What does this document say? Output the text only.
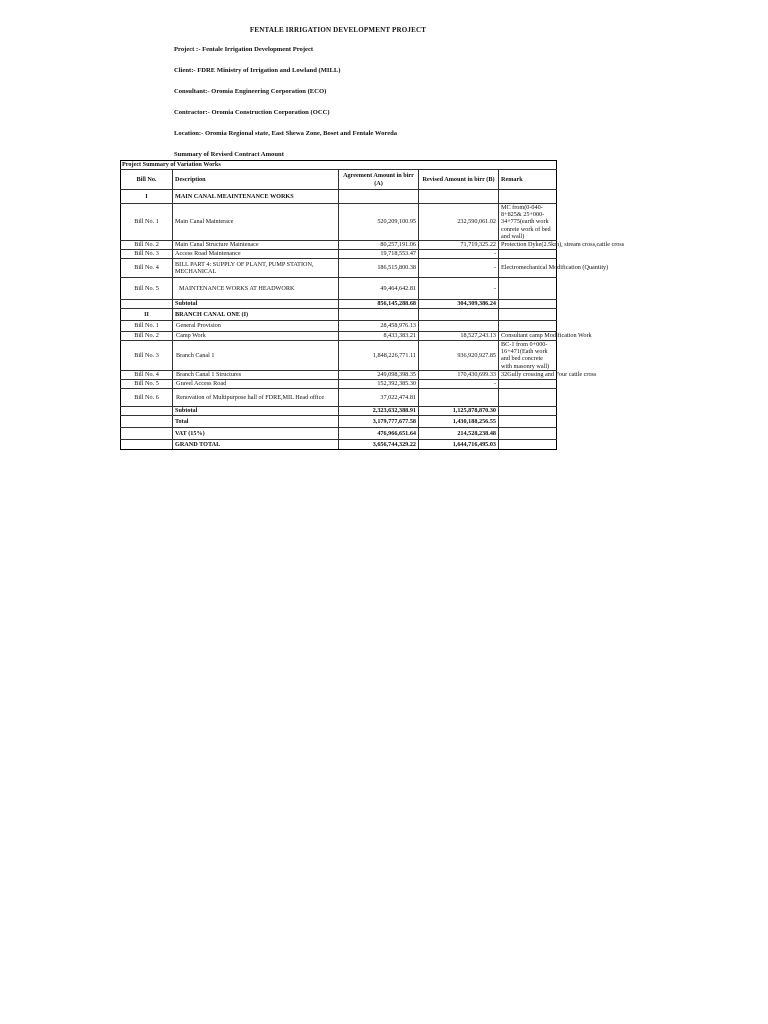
FENTALE IRRIGATION DEVELOPMENT PROJECT
Project :- Fentale Irrigation Development Project
Client:- FDRE Ministry of Irrigation and Lowland (MILL)
Consultant:- Oromia Engineering Corporation (ECO)
Contractor:- Oromia Construction Corporation (OCC)
Location:- Oromia Regional state, East Shewa Zone, Boset and Fentale Woreda
Summary of Revised Contract Amount
Project Summary of Variation Works				
Bill No.	Description	Agreement Amount in birr (A)	Revised Amount in birr (B)	Remark
I	MAIN CANAL MEAINTENANCE WORKS			
Bill No. 1	Main Canal Mainterace	520,209,100.95	232,590,061.02	MC from(0-040-8+825& 25+000-34+775(earth work conrete work of bed and wall)
Bill No. 2	Main Canal Structure Maintenace	80,257,191.06	71,719,325.22	Protection Dyke(2.5km), stream cross,cattle cross
Bill No. 3	Access Road Maintenance	19,718,553.47	-	
Bill No. 4	BILL PART 4: SUPPLY OF PLANT, PUMP STATION, MECHANICAL	186,515,800.38	-	Electromechanical Modification (Quantity)
Bill No. 5	MAINTENANCE WORKS AT HEADWORK	49,464,642.81	-	
	Subtotal	856,145,288.68	304,309,386.24	
II	BRANCH CANAL ONE (I)			
Bill No. 1	General Provision	28,458,976.13		
Bill No. 2	Camp Work	8,433,383.21	18,527,243.13	Consultant camp Modification Work
Bill No. 3	Branch Canal 1	1,848,226,771.11	936,920,927.85	BC-1 from 0+000-16+471(Eath work and bed concrete with masonry wall)
Bill No. 4	Branch Canal 1 Structures	249,098,398.35	170,430,699.33	32Gully crossing and Four cattle cross
Bill No. 5	Gravel Access Road	152,392,385.30	-	
Bill No. 6	Renovation of Multipurpose hall of FDRE,MIL Head office	37,022,474.81		
	Subtotal	2,323,632,388.91	1,125,878,870.30	
	Total	3,179,777,677.58	1,430,188,256.55	
	VAT (15%)	476,966,651.64	214,528,238.48	
	GRAND TOTAL	3,656,744,329.22	1,644,716,495.03	
